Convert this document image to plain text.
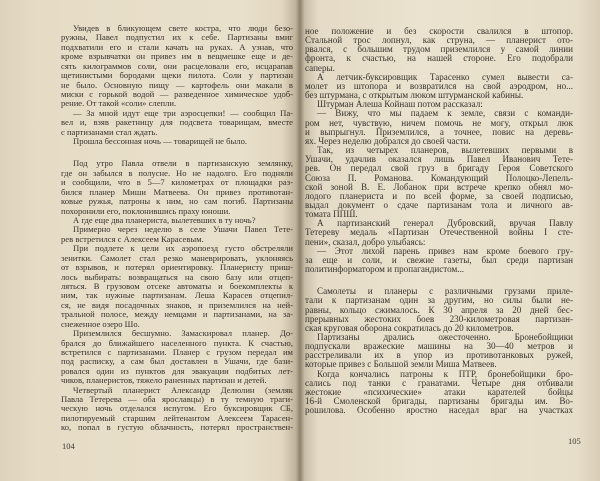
Увидев в бликующем свете костра, что люди безо-
ружны, Павел подпустил их к себе. Партизаны вмиг
подхватили его и стали качать на руках. А узнав, что
кроме взрывчатки он привез им в вещмешке еще и де-
сять килограммов соли, они расцеловали его, исцарапав
щетинистыми бородами щеки пилота. Соли у партизан
не было. Основную пищу — картофель они макали в
миски с горькой водой — разведенное химическое удоб-
рение. От такой «соли» слепли.
— За мной идут еще три аэросцепки! — сообщил Па-
вел и, взяв ракетницу для подсвета товарищам, вместе
с партизанами стал ждать.
Прошла бессонная ночь — товарищей не было.
Под утро Павла отвели в партизанскую землянку,
где он забылся в полусне. Но не надолго. Его подняли
и сообщили, что в 5—7 километрах от площадки раз-
бился планер Миши Матвеева. Он привез противотан-
ковые ружья, патроны к ним, но сам погиб. Партизаны
похоронили его, поклонившись праху юноши.
А где еще два планериста, вылетевших в ту ночь?
Примерно через неделю в селе Ушачи Павел Тете-
рев встретился с Алексеем Карасевым.
При подлете к цели их аэропоезд густо обстреляли
зенитки. Самолет стал резко маневрировать, уклоняясь
от взрывов, и потерял ориентировку. Планеристу приш-
лось выбирать: возвращаться на свою базу или отцеп-
ляться. В грузовом отсеке автоматы и боекомплекты к
ним, так нужные партизанам. Леша Карасев отцепил-
ся, не видя посадочных знаков, и приземлился на ней-
тральной полосе, между немцами и партизанами, на за-
снеженное озеро Шо.
Приземлился бесшумно. Замаскировал планер. До-
брался до ближайшего населенного пункта. К счастью,
встретился с партизанами. Планер с грузом передал им
под расписку, а сам был доставлен в Ушачи, где бази-
ровался один из пунктов для эвакуации подбитых лет-
чиков, планеристов, тяжело раненных партизан и детей.
Четвертый планерист Александр Делюлин (земляк
Павла Тетерева — оба ярославцы) в ту темную траги-
ческую ночь отделался испугом. Его буксировщик СБ,
пилотируемый старшим лейтенантом Алексеем Тарасен-
ко, попал в густую облачность, потерял пространствен-
104
ное положение и без скорости свалился в штопор.
Стальной трос лопнул, как струна, — планерист ото-
рвался, с большим трудом приземлился у самой линии
фронта, к счастью, на нашей стороне. Его подобрали
саперы.
А летчик-буксировщик Тарасенко сумел вывести са-
молет из штопора и возвратился на свой аэродром, но...
без штурмана, с открытым люком штурманской кабины.
Штурман Алеша Койнаш потом рассказал:
— Вижу, что мы падаем к земле, связи с команди-
ром нет, чувствую, ничем помочь не могу, открыл люк
и выпрыгнул. Приземлился, а точнее, повис на деревь-
ях. Через неделю добрался до своей части.
Так, из четырех планеров, вылетевших первыми в
Ушачи, удачлив оказался лишь Павел Иванович Тете-
рев. Он передал свой груз в бригаду Героя Советского
Союза П. Романова. Командующий Полоцко-Лепель-
ской зоной В. Е. Лобанок при встрече крепко обнял мо-
лодого планериста и по всей форме, за своей подписью,
выдал документ о сдаче партизанам тола и личного ав-
томата ППШ.
А партизанский генерал Дубровский, вручая Павлу
Тетереву медаль «Партизан Отечественной войны I сте-
пени», сказал, добро улыбаясь:
— Этот лихой парень привез нам кроме боевого гру-
за еще и соли, и свежие газеты, был среди партизан
политинформатором и пропагандистом...
Самолеты и планеры с различными грузами приле-
тали к партизанам один за другим, но силы были не-
равны, кольцо сжималось. К 30 апреля за 20 дней бес-
прерывных жестоких боев 230-километровая партизан-
ская круговая оборона сократилась до 20 километров.
Партизаны дрались ожесточенно. Бронебойщики
подпускали вражеские машины на 30—40 метров и
расстреливали их в упор из противотанковых ружей,
которые привез с Большой земли Миша Матвеев.
Когда кончались патроны к ПТР, бронебойщики бро-
сались под танки с гранатами. Четыре дня отбивали
жестокие «психические» атаки карателей бойцы
16-й Смоленской бригады, партизаны бригады им. Во-
рошилова. Особенно яростно наседал враг на участках
105
